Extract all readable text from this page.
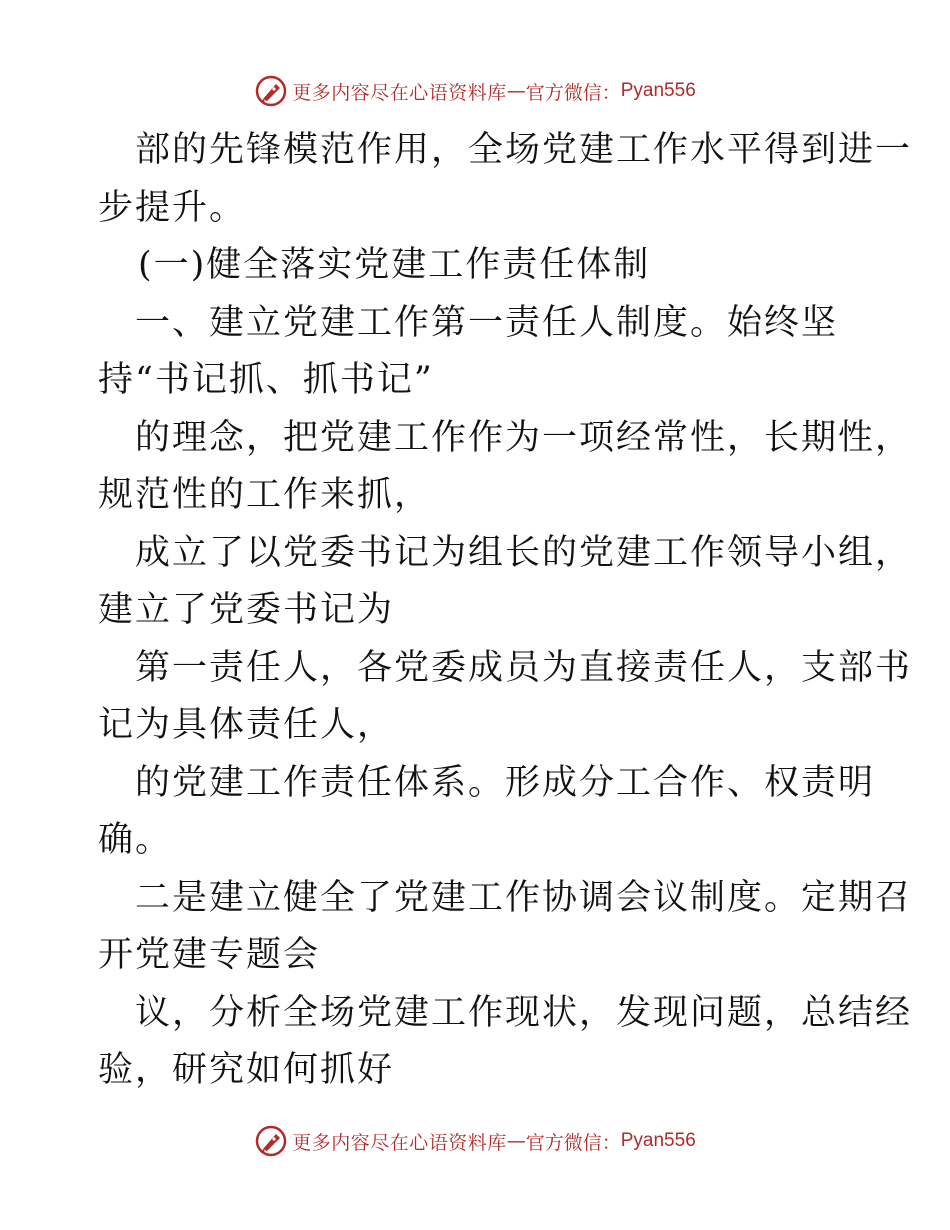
更多内容尽在心语资料库 — 官方微信： Pyan556
部的先锋模范作用，全场党建工作水平得到进一
步提升。
(一)健全落实党建工作责任体制
一、建立党建工作第一责任人制度。始终坚
持“书记抓、抓书记”
的理念，把党建工作作为一项经常性，长期性，
规范性的工作来抓，
成立了以党委书记为组长的党建工作领导小组，
建立了党委书记为
第一责任人，各党委成员为直接责任人，支部书
记为具体责任人，
的党建工作责任体系。形成分工合作、权责明
确。
二是建立健全了党建工作协调会议制度。定期召
开党建专题会
议，分析全场党建工作现状，发现问题，总结经
验，研究如何抓好
更多内容尽在心语资料库 — 官方微信： Pyan556
